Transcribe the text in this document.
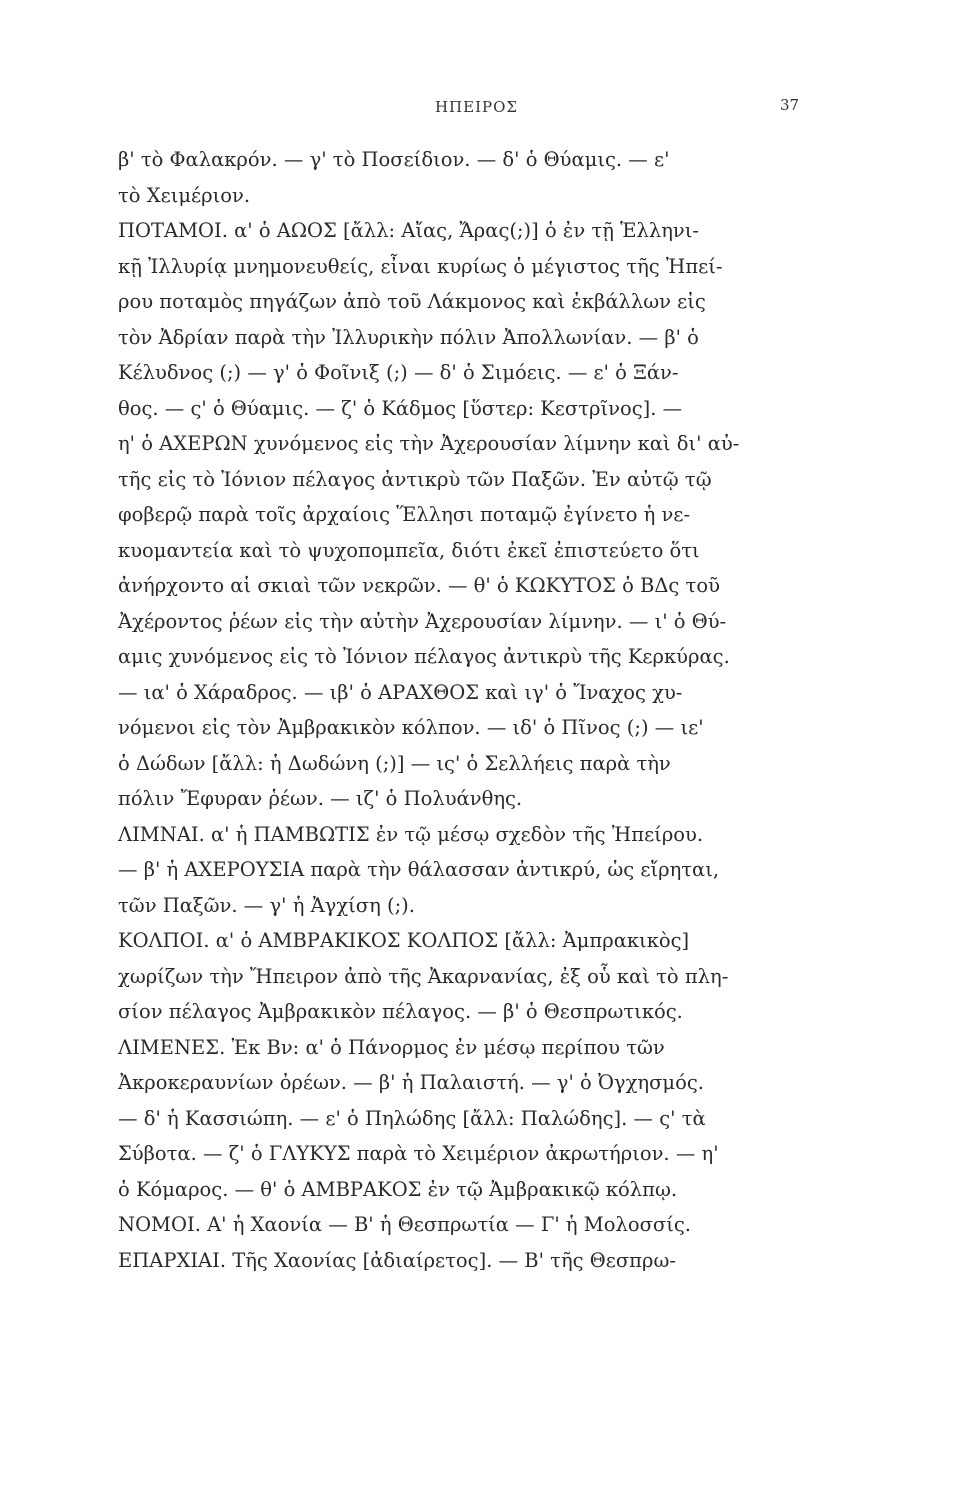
ΗΠΕΙΡΟΣ	37
β' τὸ Φαλακρόν. — γ' τὸ Ποσείδιον. — δ' ὁ Θύαμις. — ε'
τὸ Χειμέριον.
ΠΟΤΑΜΟΙ. α' ὁ ΑΩΟΣ [ἄλλ: Αἴας, Ἄρας(;)] ὁ ἐν τῇ Ἑλληνι-
κῇ Ἰλλυρίᾳ μνημονευθείς, εἶναι κυρίως ὁ μέγιστος τῆς Ἠπεί-
ρου ποταμὸς πηγάζων ἀπὸ τοῦ Λάκμονος καὶ ἐκβάλλων εἰς
τὸν Ἀδρίαν παρὰ τὴν Ἰλλυρικὴν πόλιν Ἀπολλωνίαν. — β' ὁ
Κέλυδνος (;) — γ' ὁ Φοῖνιξ (;) — δ' ὁ Σιμόεις. — ε' ὁ Ξάν-
θος. — ς' ὁ Θύαμις. — ζ' ὁ Κάδμος [ὕστερ: Κεστρῖνος]. —
η' ὁ ΑΧΕΡΩΝ χυνόμενος εἰς τὴν Ἀχερουσίαν λίμνην καὶ δι' αὐ-
τῆς εἰς τὸ Ἰόνιον πέλαγος ἀντικρὺ τῶν Παξῶν. Ἐν αὐτῷ τῷ
φοβερῷ παρὰ τοῖς ἀρχαίοις Ἕλλησι ποταμῷ ἐγίνετο ἡ νε-
κυομαντεία καὶ τὸ ψυχοπομπεῖα, διότι ἐκεῖ ἐπιστεύετο ὅτι
ἀνήρχοντο αἱ σκιαὶ τῶν νεκρῶν. — θ' ὁ ΚΩΚΥΤΟΣ ὁ ΒΔς τοῦ
Ἀχέροντος ῥέων εἰς τὴν αὐτὴν Ἀχερουσίαν λίμνην. — ι' ὁ Θύ-
αμις χυνόμενος εἰς τὸ Ἰόνιον πέλαγος ἀντικρὺ τῆς Κερκύρας.
— ια' ὁ Χάραδρος. — ιβ' ὁ ΑΡΑΧΘΟΣ καὶ ιγ' ὁ Ἴναχος χυ-
νόμενοι εἰς τὸν Ἀμβρακικὸν κόλπον. — ιδ' ὁ Πῖνος (;) — ιε'
ὁ Δώδων [ἄλλ: ἡ Δωδώνη (;)] — ις' ὁ Σελλήεις παρὰ τὴν
πόλιν Ἔφυραν ῥέων. — ιζ' ὁ Πολυάνθης.
ΛΙΜΝΑΙ. α' ἡ ΠΑΜΒΩΤΙΣ ἐν τῷ μέσῳ σχεδὸν τῆς Ἠπείρου.
— β' ἡ ΑΧΕΡΟΥΣΙΑ παρὰ τὴν θάλασσαν ἀντικρύ, ὡς εἴρηται,
τῶν Παξῶν. — γ' ἡ Ἀγχίση (;).
ΚΟΛΠΟΙ. α' ὁ ΑΜΒΡΑΚΙΚΟΣ ΚΟΛΠΟΣ [ἄλλ: Ἀμπρακικὸς]
χωρίζων τὴν Ἤπειρον ἀπὸ τῆς Ἀκαρνανίας, ἐξ οὗ καὶ τὸ πλη-
σίον πέλαγος Ἀμβρακικὸν πέλαγος. — β' ὁ Θεσπρωτικός.
ΛΙΜΕΝΕΣ. Ἐκ Βν: α' ὁ Πάνορμος ἐν μέσῳ περίπου τῶν
Ἀκροκεραυνίων ὀρέων. — β' ἡ Παλαιστή. — γ' ὁ Ὀγχησμός.
— δ' ἡ Κασσιώπη. — ε' ὁ Πηλώδης [ἄλλ: Παλώδης]. — ς' τὰ
Σύβοτα. — ζ' ὁ ΓΛΥΚΥΣ παρὰ τὸ Χειμέριον ἀκρωτήριον. — η'
ὁ Κόμαρος. — θ' ὁ ΑΜΒΡΑΚΟΣ ἐν τῷ Ἀμβρακικῷ κόλπῳ.
ΝΟΜΟΙ. Α' ἡ Χαονία — Β' ἡ Θεσπρωτία — Γ' ἡ Μολοσσίς.
ΕΠΑΡΧΙΑΙ. Τῆς Χαονίας [ἀδιαίρετος]. — Β' τῆς Θεσπρω-
